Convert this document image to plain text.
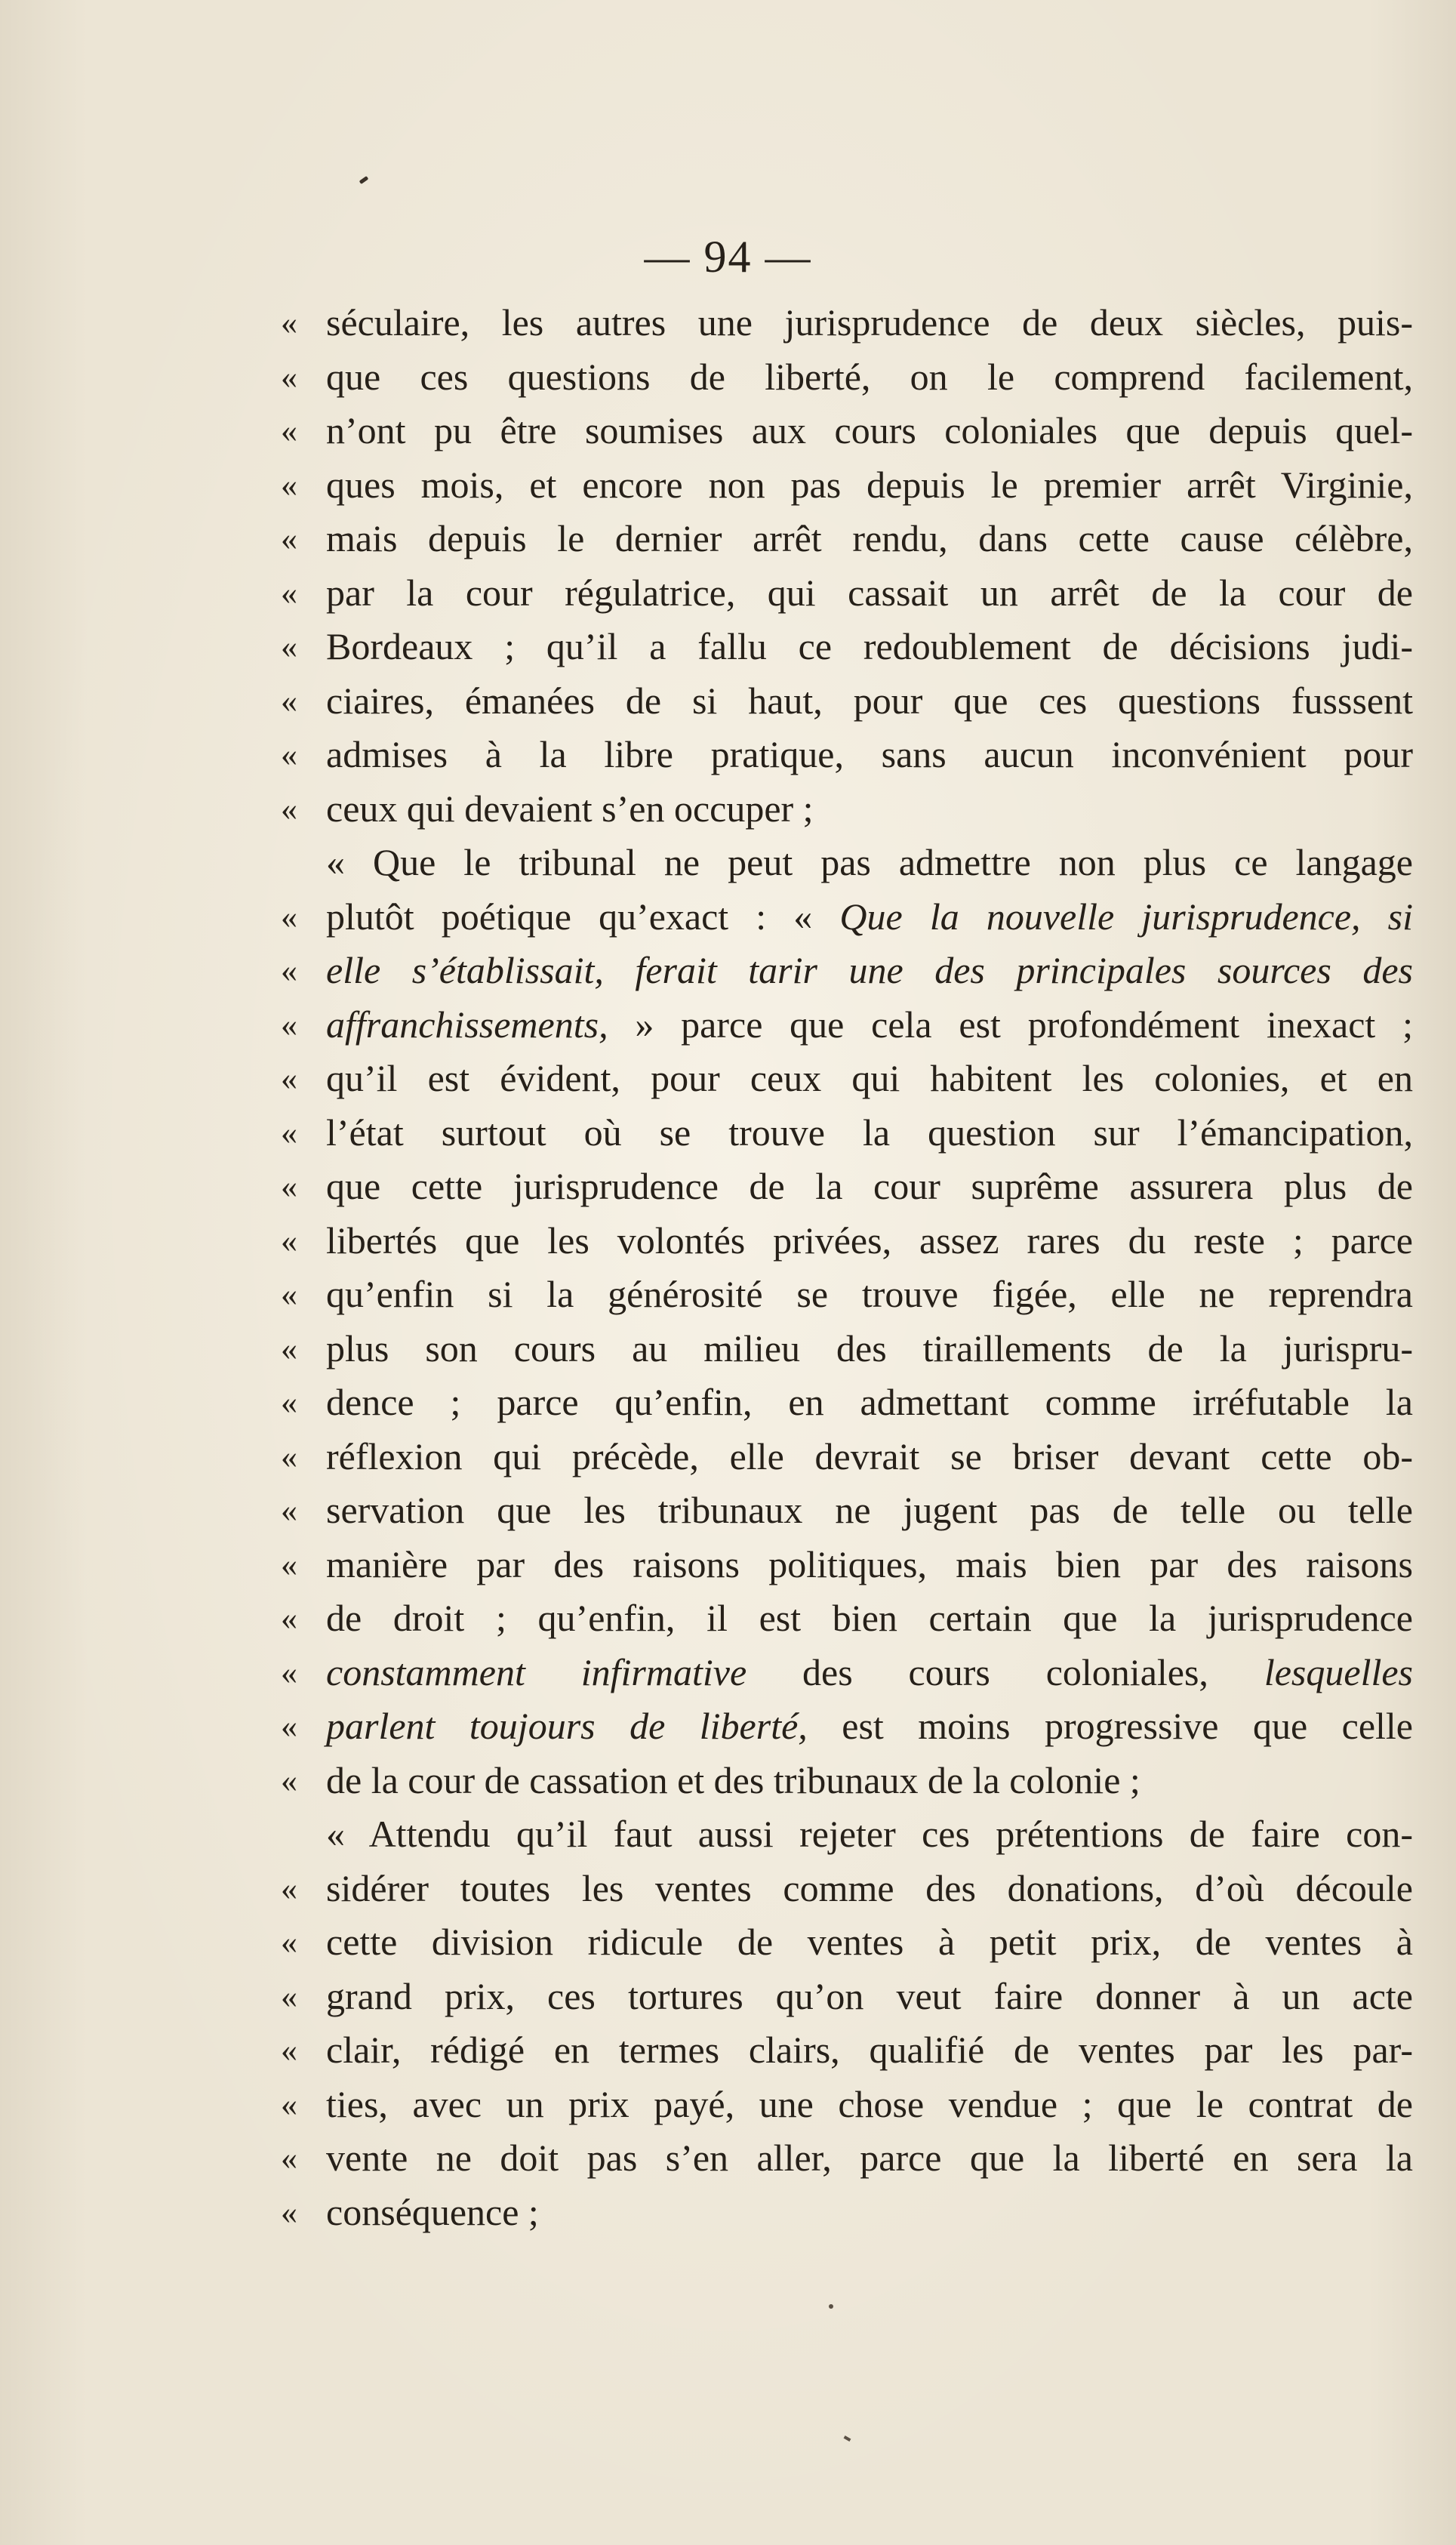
— 94 —
« séculaire, les autres une jurisprudence de deux siècles, puis-
« que ces questions de liberté, on le comprend facilement,
« n’ont pu être soumises aux cours coloniales que depuis quel-
« ques mois, et encore non pas depuis le premier arrêt Virginie,
« mais depuis le dernier arrêt rendu, dans cette cause célèbre,
« par la cour régulatrice, qui cassait un arrêt de la cour de
« Bordeaux ; qu’il a fallu ce redoublement de décisions judi-
« ciaires, émanées de si haut, pour que ces questions fusssent
« admises à la libre pratique, sans aucun inconvénient pour
« ceux qui devaient s’en occuper ;
« Que le tribunal ne peut pas admettre non plus ce langage
« plutôt poétique qu’exact : « Que la nouvelle jurisprudence, si
« elle s’établissait, ferait tarir une des principales sources des
« affranchissements, » parce que cela est profondément inexact ;
« qu’il est évident, pour ceux qui habitent les colonies, et en
« l’état surtout où se trouve la question sur l’émancipation,
« que cette jurisprudence de la cour suprême assurera plus de
« libertés que les volontés privées, assez rares du reste ; parce
« qu’enfin si la générosité se trouve figée, elle ne reprendra
« plus son cours au milieu des tiraillements de la jurispru-
« dence ; parce qu’enfin, en admettant comme irréfutable la
« réflexion qui précède, elle devrait se briser devant cette ob-
« servation que les tribunaux ne jugent pas de telle ou telle
« manière par des raisons politiques, mais bien par des raisons
« de droit ; qu’enfin, il est bien certain que la jurisprudence
« constamment infirmative des cours coloniales, lesquelles
« parlent toujours de liberté, est moins progressive que celle
« de la cour de cassation et des tribunaux de la colonie ;
« Attendu qu’il faut aussi rejeter ces prétentions de faire con-
« sidérer toutes les ventes comme des donations, d’où découle
« cette division ridicule de ventes à petit prix, de ventes à
« grand prix, ces tortures qu’on veut faire donner à un acte
« clair, rédigé en termes clairs, qualifié de ventes par les par-
« ties, avec un prix payé, une chose vendue ; que le contrat de
« vente ne doit pas s’en aller, parce que la liberté en sera la
« conséquence ;
